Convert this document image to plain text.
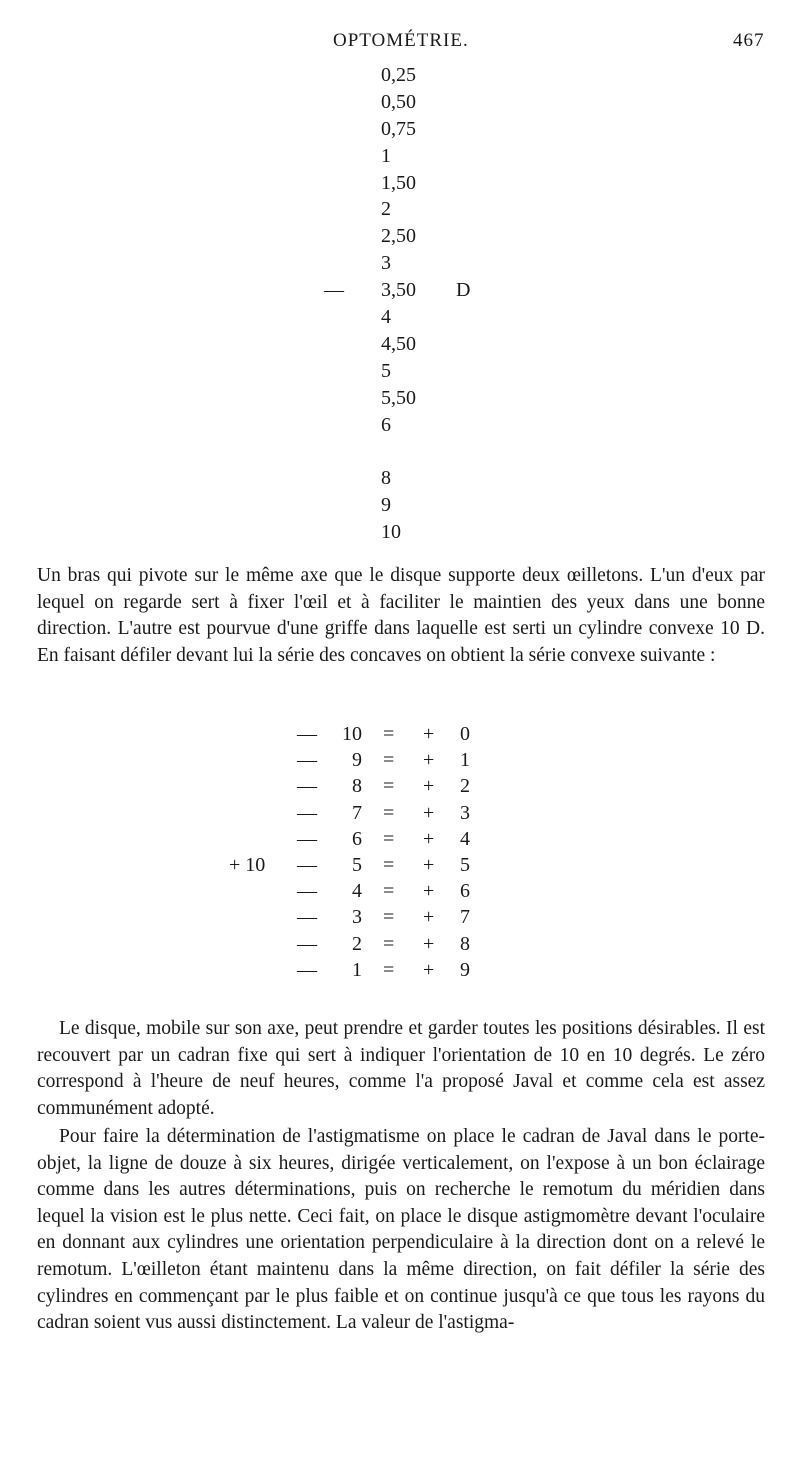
OPTOMÉTRIE.	467
0,25
0,50
0,75
1
1,50
2
2,50
3
— 3,50 D
4
4,50
5
5,50
6
8
9
10

Un bras qui pivote sur le même axe que le disque supporte deux œilletons. L'un d'eux par lequel on regarde sert à fixer l'œil et à faciliter le maintien des yeux dans une bonne direction. L'autre est pourvue d'une griffe dans laquelle est serti un cylindre convexe 10 D. En faisant défiler devant lui la série des concaves on obtient la série convexe suivante :

—	10 = + 0
—	9 = + 1
—	8 = + 2
—	7 = + 3
—	6 = + 4
+ 10 —	5 = + 5
—	4 = + 6
—	3 = + 7
—	2 = + 8
—	1 = + 9

Le disque, mobile sur son axe, peut prendre et garder toutes les positions désirables. Il est recouvert par un cadran fixe qui sert à indiquer l'orientation de 10 en 10 degrés. Le zéro correspond à l'heure de neuf heures, comme l'a proposé Javal et comme cela est assez communément adopté.

Pour faire la détermination de l'astigmatisme on place le cadran de Javal dans le porte-objet, la ligne de douze à six heures, dirigée verticalement, on l'expose à un bon éclairage comme dans les autres déterminations, puis on recherche le remotum du méridien dans lequel la vision est le plus nette. Ceci fait, on place le disque astigmomètre devant l'oculaire en donnant aux cylindres une orientation perpendiculaire à la direction dont on a relevé le remotum. L'œilleton étant maintenu dans la même direction, on fait défiler la série des cylindres en commençant par le plus faible et on continue jusqu'à ce que tous les rayons du cadran soient vus aussi distinctement. La valeur de l'astigma-
